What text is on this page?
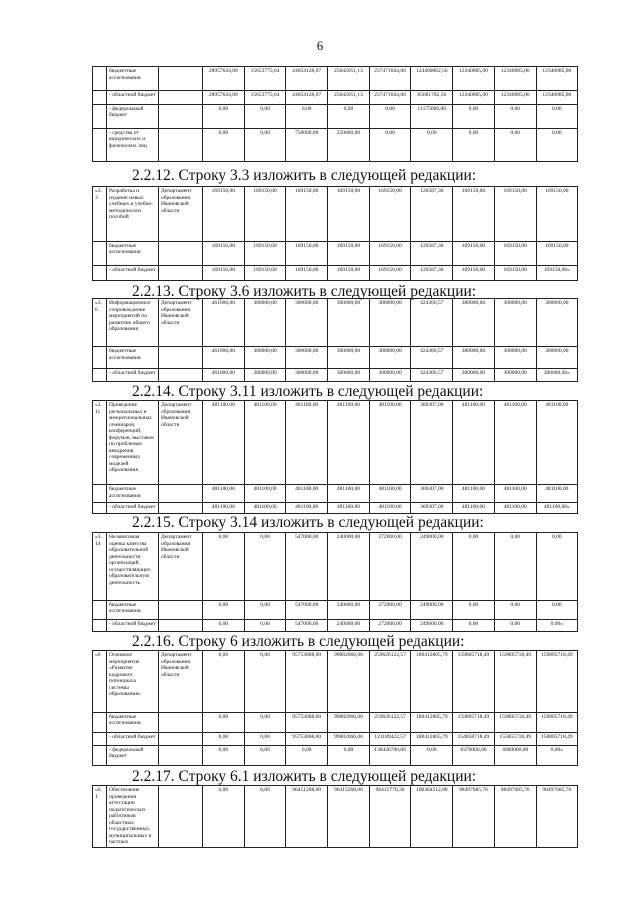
6
	бюджетные ассигнования		28957643,00	15653775,64	24654128,07	25642051,13	237471044,00	124400062,56	12340085,00	12340085,00	12340085,00
	- областной бюджет		28957643,00	15653775,64	24654128,07	25642051,13	237471044,00	85681782,56	12340085,00	12340085,00	12340085,00
	- федеральный бюджет		0,00	0,00	0,00	0,00	0,00	11175000,00	0,00	0,00	0,00
	- средства от юридических и физических лиц		0,00	0,00	750000,00	250000,00	0,00	0,00	0,00	0,00	0,00
2.2.12. Строку 3.3 изложить в следующей редакции:
«3.3	Разработка и издание новых учебных и учебно-методических пособий	Департамент образования Ивановской области	169150,00	169150,00	169150,00	169150,00	169150,00	126587,36	169150,00	169150,00	169150,00
	бюджетные ассигнования		169150,00	169150,00	169150,00	169150,00	169150,00	126587,36	169150,00	169150,00	169150,00
	- областной бюджет		169150,00	169150,00	169150,00	169150,00	169150,00	126587,36	169150,00	169150,00	169150,00»
2.2.13. Строку 3.6 изложить в следующей редакции:
«3.6	Информационное сопровождение мероприятий по развитию общего образования	Департамент образования Ивановской области	461000,00	300000,00	300000,00	300000,00	300000,00	424366,57	300000,00	300000,00	300000,00
	бюджетные ассигнования		461000,00	300000,00	300000,00	300000,00	300000,00	424366,57	300000,00	300000,00	300000,00
	- областной бюджет		461000,00	300000,00	300000,00	300000,00	300000,00	424366,57	300000,00	300000,00	300000,00»
2.2.14. Строку 3.11 изложить в следующей редакции:
«3.11	Проведение региональных и межрегиональных семинаров, конференций, форумов, выставок по проблемам внедрения современных моделей образования	Департамент образования Ивановской области	481100,00	481100,00	481100,00	481100,00	481100,00	369307,00	481100,00	481100,00	481100,00
	бюджетные ассигнования		481100,00	481100,00	481100,00	481100,00	481100,00	369307,00	481100,00	481100,00	481100,00
	- областной бюджет		481100,00	481100,00	481100,00	481100,00	481100,00	369307,00	481100,00	481100,00	481100,00»
2.2.15. Строку 3.14 изложить в следующей редакции:
«3.14	Независимая оценка качества образовательной деятельности организаций, осуществляющих образовательную деятельность	Департамент образования Ивановской области	0,00	0,00	547000,00	240000,00	272000,00	249000,00	0,00	0,00	0,00
	бюджетные ассигнования		0,00	0,00	547000,00	240000,00	272000,00	249000,00	0,00	0,00	0,00
	- областной бюджет		0,00	0,00	547000,00	240000,00	272000,00	249000,00	0,00	0,00	0,00»
2.2.16. Строку 6 изложить в следующей редакции:
«6	Основное мероприятие «Развитие кадрового потенциала системы образования»	Департамент образования Ивановской области	0,00	0,00	95753068,00	99882066,00	259626122,57	180412805,79	159805718,49	159805718,49	159805718,49
	бюджетные ассигнования		0,00	0,00	95753068,00	99882066,00	259626122,57	180412805,79	159805718,49	159805718,49	159805718,49
	- областной бюджет		0,00	0,00	95753068,00	99882066,00	121189422,57	180412805,79	154858718,49	155855718,49	158805718,49
	- федеральный бюджет		0,00	0,00	0,00	0,00	138436700,00	0,00	8370000,00	4000000,00	0,00»
2.2.17. Строку 6.1 изложить в следующей редакции:
«6.1	Обеспечение проведения аттестации педагогических работников областных государственных, муниципальных и частных		0,00	0,00	96451268,00	96415268,00	96415770,36	100364512,88	98497685,76	98497685,76	98497685,76
